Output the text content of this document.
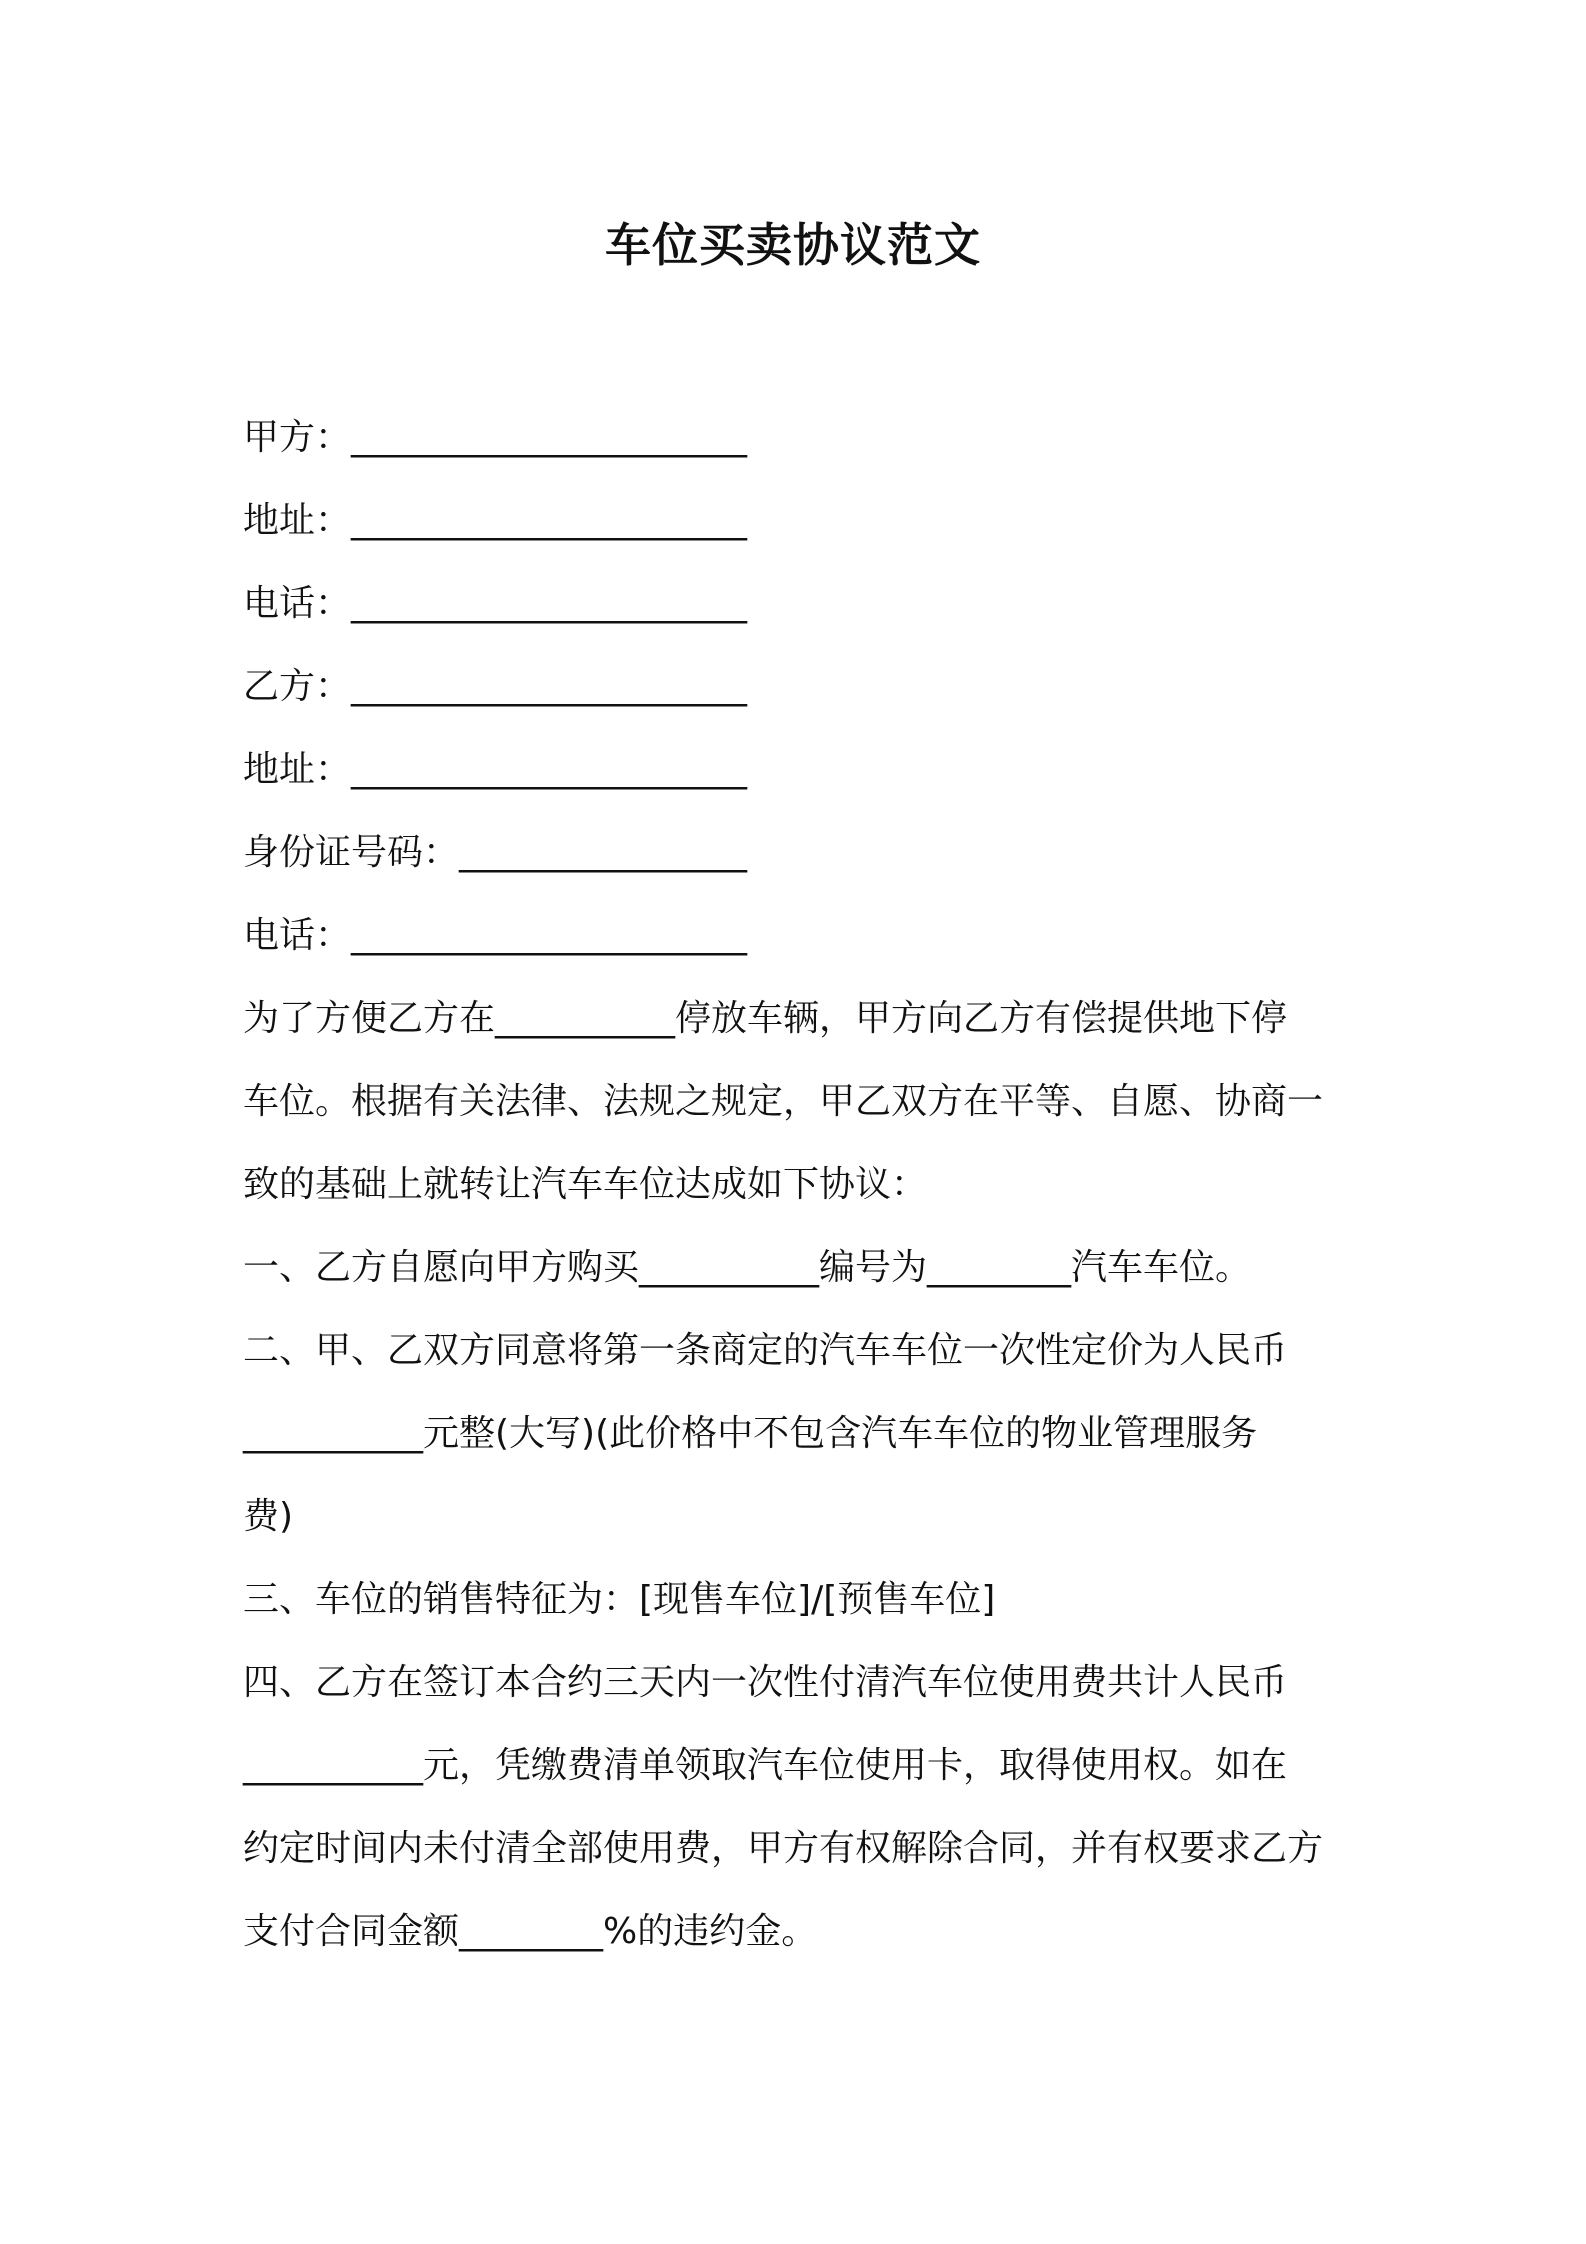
车位买卖协议范文
甲方：______________________
地址：______________________
电话：______________________
乙方：______________________
地址：______________________
身份证号码：________________
电话：______________________
为了方便乙方在__________停放车辆，甲方向乙方有偿提供地下停
车位。根据有关法律、法规之规定，甲乙双方在平等、自愿、协商一
致的基础上就转让汽车车位达成如下协议：
一、乙方自愿向甲方购买__________编号为________汽车车位。
二、甲、乙双方同意将第一条商定的汽车车位一次性定价为人民币
__________元整(大写)(此价格中不包含汽车车位的物业管理服务
费)
三、车位的销售特征为：[现售车位]/[预售车位]
四、乙方在签订本合约三天内一次性付清汽车位使用费共计人民币
__________元，凭缴费清单领取汽车位使用卡，取得使用权。如在
约定时间内未付清全部使用费，甲方有权解除合同，并有权要求乙方
支付合同金额________%的违约金。
